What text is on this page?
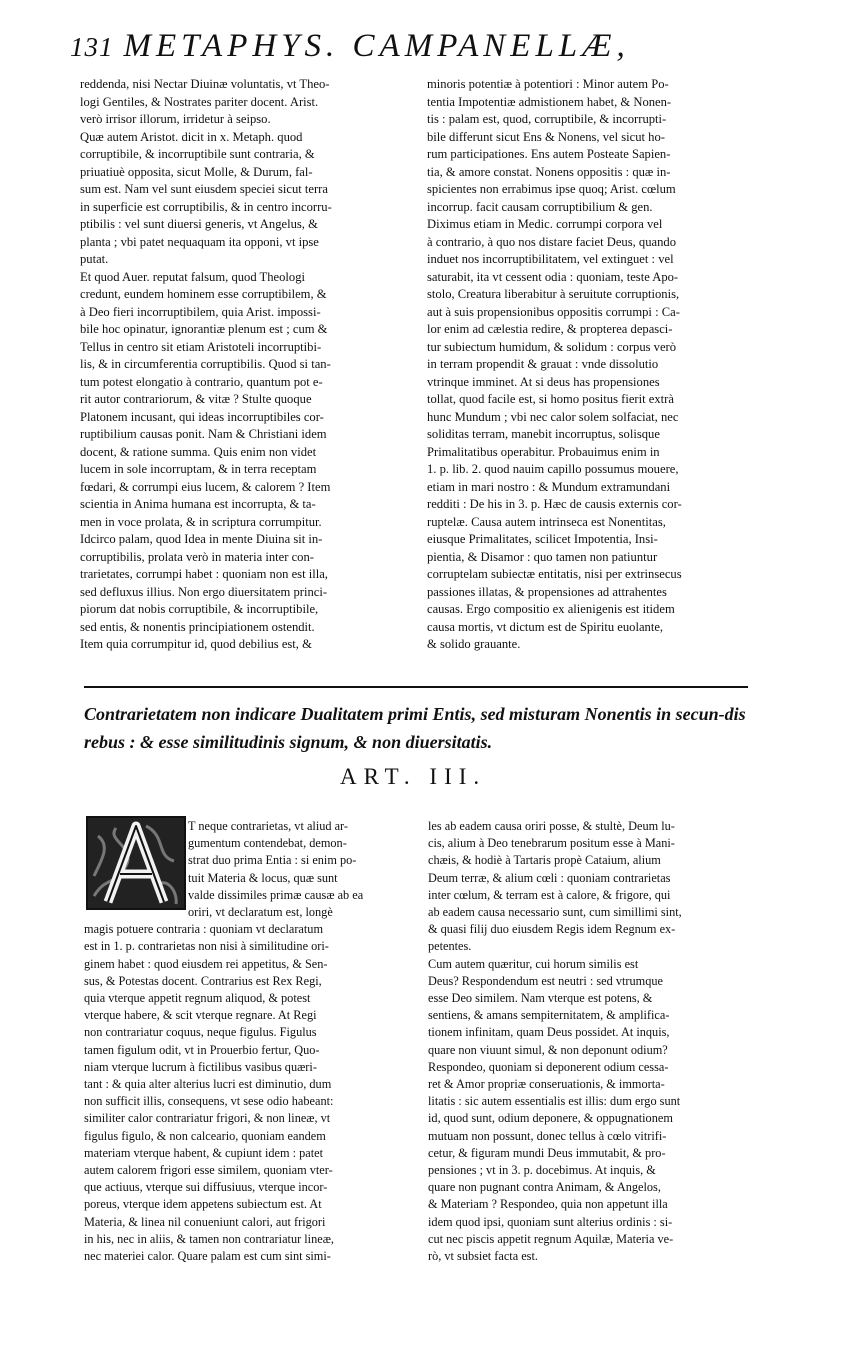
131 METAPHYS. CAMPANELLÆ,
reddenda, nisi Nectar Diuinæ voluntatis, vt Theo-
logi Gentiles, & Nostrates pariter docent. Arist.
verò irrisor illorum, irridetur à seipso.
Quæ autem Aristot. dicit in x. Metaph. quod
corruptibile, & incorruptibile sunt contraria, &
priuatiuè opposita, sicut Molle, & Durum, fal-
sum est. Nam vel sunt eiusdem speciei sicut terra
in superficie est corruptibilis, & in centro incorru-
ptibilis : vel sunt diuersi generis, vt Angelus, &
planta ; vbi patet nequaquam ita opponi, vt ipse
putat.
Et quod Auer. reputat falsum, quod Theologi
credunt, eundem hominem esse corruptibilem, &
à Deo fieri incorruptibilem, quia Arist. impossi-
bile hoc opinatur, ignorantiæ plenum est ; cum &
Tellus in centro sit etiam Aristoteli incorruptibi-
lis, & in circumferentia corruptibilis. Quod si tan-
tum potest elongatio à contrario, quantum pot e-
rit autor contrariorum, & vitæ ? Stulte quoque
Platonem incusant, qui ideas incorruptibiles cor-
ruptibilium causas ponit. Nam & Christiani idem
docent, & ratione summa. Quis enim non videt
lucem in sole incorruptam, & in terra receptam
fœdari, & corrumpi eius lucem, & calorem ? Item
scientia in Anima humana est incorrupta, & ta-
men in voce prolata, & in scriptura corrumpitur.
Idcirco palam, quod Idea in mente Diuina sit in-
corruptibilis, prolata verò in materia inter con-
trarietates, corrumpi habet : quoniam non est illa,
sed defluxus illius. Non ergo diuersitatem princi-
piorum dat nobis corruptibile, & incorruptibile,
sed entis, & nonentis principiationem ostendit.
Item quia corrumpitur id, quod debilius est, &
minoris potentiæ à potentiori : Minor autem Po-
tentia Impotentiæ admistionem habet, & Nonen-
tis : palam est, quod, corruptibile, & incorrupti-
bile differunt sicut Ens & Nonens, vel sicut ho-
rum participationes. Ens autem Posteate Sapien-
tia, & amore constat. Nonens oppositis : quæ in-
spicientes non errabimus ipse quoq; Arist. cœlum
incorrup. facit causam corruptibilium & gen.
Diximus etiam in Medic. corrumpi corpora vel
à contrario, à quo nos distare faciet Deus, quando
induet nos incorruptibilitatem, vel extinguet : vel
saturabit, ita vt cessent odia : quoniam, teste Apo-
stolo, Creatura liberabitur à seruitute corruptionis,
aut à suis propensionibus oppositis corrumpi : Ca-
lor enim ad cælestia redire, & propterea depasci-
tur subiectum humidum, & solidum : corpus verò
in terram propendit & grauat : vnde dissolutio
vtrinque imminet. At si deus has propensiones
tollat, quod facile est, si homo positus fierit extrà
hunc Mundum ; vbi nec calor solem solfaciat, nec
soliditas terram, manebit incorruptus, solisque
Primalitatibus operabitur. Probauimus enim in
1. p. lib. 2. quod nauim capillo possumus mouere,
etiam in mari nostro : & Mundum extramundani
redditi : De his in 3. p. Hæc de causis externis cor-
ruptelæ. Causa autem intrinseca est Nonentitas,
eiusque Primalitates, scilicet Impotentia, Insi-
pientia, & Disamor : quo tamen non patiuntur
corruptelam subiectæ entitatis, nisi per extrinsecus
passiones illatas, & propensiones ad attrahentes
causas. Ergo compositio ex alienigenis est itidem
causa mortis, vt dictum est de Spiritu euolante,
& solido grauante.
Contrarietatem non indicare Dualitatem primi Entis, sed misturam Nonentis in secun-dis rebus : & esse similitudinis signum, & non diuersitatis.
ART. III.
T neque contrarietas, vt aliud ar-
gumentum contendebat, demon-
strat duo prima Entia : si enim po-
tuit Materia & locus, quæ sunt
valde dissimiles primæ causæ ab ea
oriri, vt declaratum est, longè
magis potuere contraria : quoniam vt declaratum
est in 1. p. contrarietas non nisi à similitudine ori-
ginem habet : quod eiusdem rei appetitus, & Sen-
sus, & Potestas docent. Contrarius est Rex Regi,
quia vterque appetit regnum aliquod, & potest
vterque habere, & scit vterque regnare. At Regi
non contrariatur coquus, neque figulus. Figulus
tamen figulum odit, vt in Prouerbio fertur, Quo-
niam vterque lucrum à fictilibus vasibus quæri-
tant : & quia alter alterius lucri est diminutio, dum
non sufficit illis, consequens, vt sese odio habeant:
similiter calor contrariatur frigori, & non lineæ, vt
figulus figulo, & non calceario, quoniam eandem
materiam vterque habent, & cupiunt idem : patet
autem calorem frigori esse similem, quoniam vter-
que actiuus, vterque sui diffusiuus, vterque incor-
poreus, vterque idem appetens subiectum est. At
Materia, & linea nil conueniunt calori, aut frigori
in his, nec in aliis, & tamen non contrariatur lineæ,
nec materiei calor. Quare palam est cum sint simi-
les ab eadem causa oriri posse, & stultè, Deum lu-
cis, alium à Deo tenebrarum positum esse à Mani-
chæis, & hodiè à Tartaris propè Cataium, alium
Deum terræ, & alium cœli : quoniam contrarietas
inter cœlum, & terram est à calore, & frigore, qui
ab eadem causa necessario sunt, cum simillimi sint,
& quasi filij duo eiusdem Regis idem Regnum ex-
petentes.
Cum autem quæritur, cui horum similis est
Deus? Respondendum est neutri : sed vtrumque
esse Deo similem. Nam vterque est potens, &
sentiens, & amans sempiternitatem, & amplifica-
tionem infinitam, quam Deus possidet. At inquis,
quare non viuunt simul, & non deponunt odium?
Respondeo, quoniam si deponerent odium cessa-
ret & Amor propriæ conseruationis, & immorta-
litatis : sic autem essentialis est illis: dum ergo sunt
id, quod sunt, odium deponere, & oppugnationem
mutuam non possunt, donec tellus à cœlo vitrifi-
cetur, & figuram mundi Deus immutabit, & pro-
pensiones ; vt in 3. p. docebimus. At inquis, &
quare non pugnant contra Animam, & Angelos,
& Materiam ? Respondeo, quia non appetunt illa
idem quod ipsi, quoniam sunt alterius ordinis : si-
cut nec piscis appetit regnum Aquilæ, Materia ve-
rò, vt subsiet facta est.
